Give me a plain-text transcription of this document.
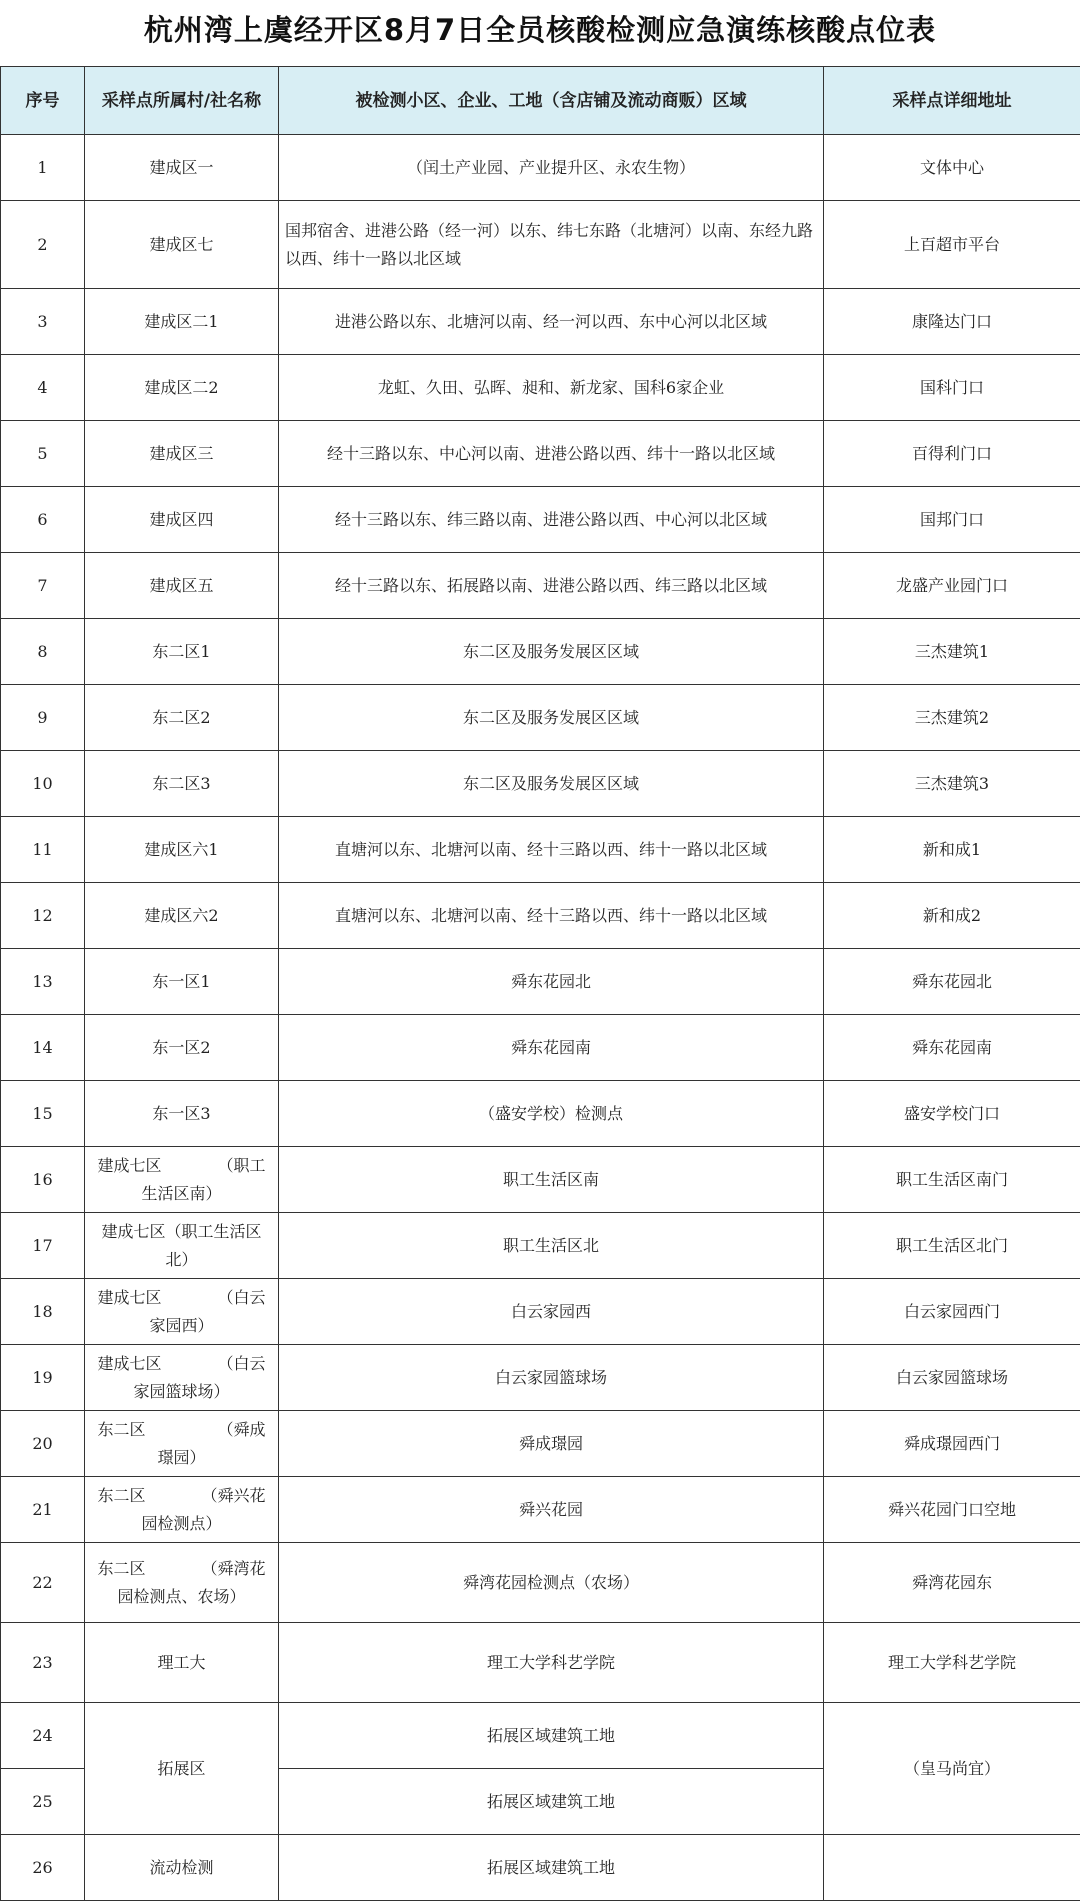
杭州湾上虞经开区8月7日全员核酸检测应急演练核酸点位表
序号	采样点所属村/社名称	被检测小区、企业、工地（含店铺及流动商贩）区域	采样点详细地址
1	建成区一	（闰土产业园、产业提升区、永农生物）	文体中心
2	建成区七	国邦宿舍、进港公路（经一河）以东、纬七东路（北塘河）以南、东经九路以西、纬十一路以北区域	上百超市平台
3	建成区二1	进港公路以东、北塘河以南、经一河以西、东中心河以北区域	康隆达门口
4	建成区二2	龙虹、久田、弘晖、昶和、新龙家、国科6家企业	国科门口
5	建成区三	经十三路以东、中心河以南、进港公路以西、纬十一路以北区域	百得利门口
6	建成区四	经十三路以东、纬三路以南、进港公路以西、中心河以北区域	国邦门口
7	建成区五	经十三路以东、拓展路以南、进港公路以西、纬三路以北区域	龙盛产业园门口
8	东二区1	东二区及服务发展区区域	三杰建筑1
9	东二区2	东二区及服务发展区区域	三杰建筑2
10	东二区3	东二区及服务发展区区域	三杰建筑3
11	建成区六1	直塘河以东、北塘河以南、经十三路以西、纬十一路以北区域	新和成1
12	建成区六2	直塘河以东、北塘河以南、经十三路以西、纬十一路以北区域	新和成2
13	东一区1	舜东花园北	舜东花园北
14	东一区2	舜东花园南	舜东花园南
15	东一区3	（盛安学校）检测点	盛安学校门口
16	建成七区　　　　（职工生活区南）	职工生活区南	职工生活区南门
17	建成七区（职工生活区北）	职工生活区北	职工生活区北门
18	建成七区　　　　（白云家园西）	白云家园西	白云家园西门
19	建成七区　　　　（白云家园篮球场）	白云家园篮球场	白云家园篮球场
20	东二区　　　　　（舜成璟园）	舜成璟园	舜成璟园西门
21	东二区　　　　（舜兴花园检测点）	舜兴花园	舜兴花园门口空地
22	东二区　　　　（舜湾花园检测点、农场）	舜湾花园检测点（农场）	舜湾花园东
23	理工大	理工大学科艺学院	理工大学科艺学院
24	拓展区	拓展区域建筑工地	（皇马尚宜）
25		拓展区域建筑工地	
26	流动检测	拓展区域建筑工地	
